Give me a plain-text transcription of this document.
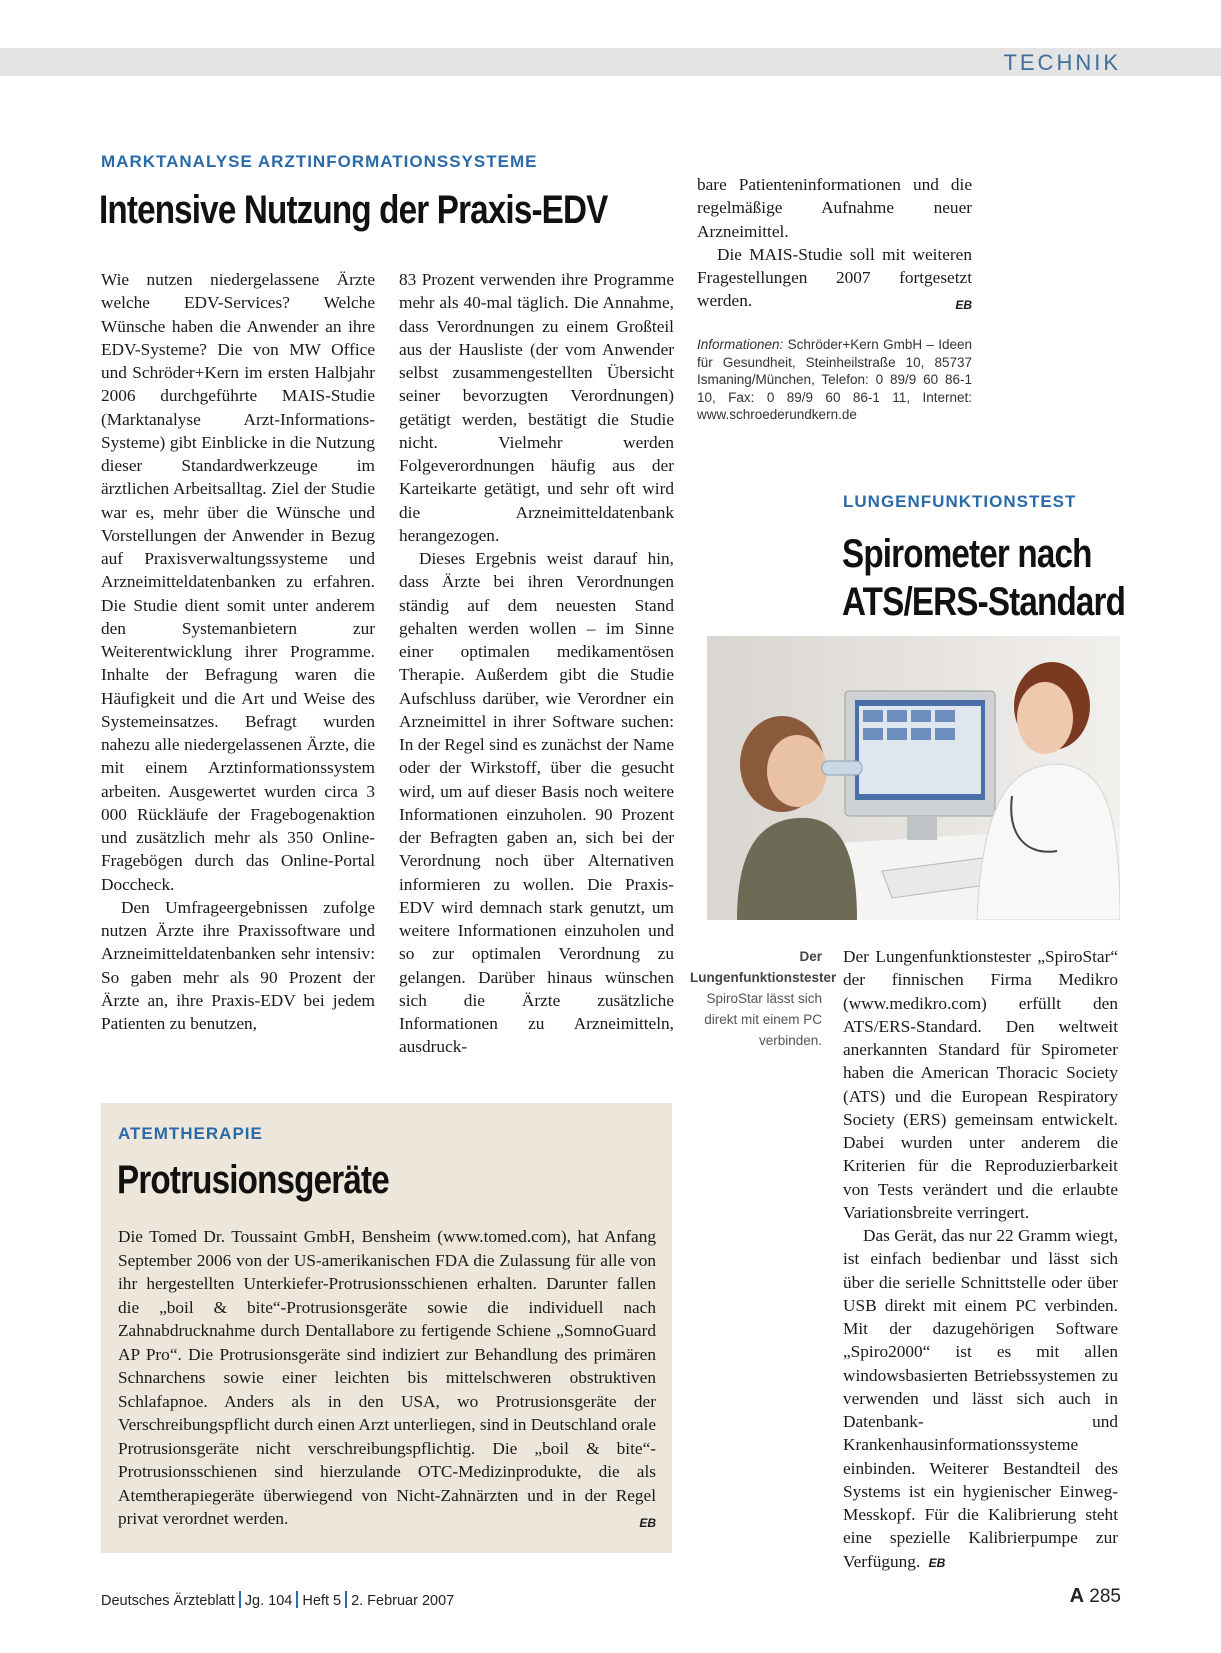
TECHNIK
MARKTANALYSE ARZTINFORMATIONSSYSTEME
Intensive Nutzung der Praxis-EDV

Wie nutzen niedergelassene Ärzte welche EDV-Services? Welche Wünsche haben die Anwender an ihre EDV-Systeme? Die von MW Office und Schröder+Kern im ersten Halbjahr 2006 durchgeführte MAIS-Studie (Marktanalyse Arzt-Informations-Systeme) gibt Einblicke in die Nutzung dieser Standardwerkzeuge im ärztlichen Arbeitsalltag. Ziel der Studie war es, mehr über die Wünsche und Vorstellungen der Anwender in Bezug auf Praxisverwaltungssysteme und Arzneimitteldatenbanken zu erfahren. Die Studie dient somit unter anderem den Systemanbietern zur Weiterentwicklung ihrer Programme. Inhalte der Befragung waren die Häufigkeit und die Art und Weise des Systemeinsatzes. Befragt wurden nahezu alle niedergelassenen Ärzte, die mit einem Arztinformationssystem arbeiten. Ausgewertet wurden circa 3 000 Rückläufe der Fragebogenaktion und zusätzlich mehr als 350 Online-Fragebögen durch das Online-Portal Doccheck.

Den Umfrageergebnissen zufolge nutzen Ärzte ihre Praxissoftware und Arzneimitteldatenbanken sehr intensiv: So gaben mehr als 90 Prozent der Ärzte an, ihre Praxis-EDV bei jedem Patienten zu benutzen,

83 Prozent verwenden ihre Programme mehr als 40-mal täglich. Die Annahme, dass Verordnungen zu einem Großteil aus der Hausliste (der vom Anwender selbst zusammengestellten Übersicht seiner bevorzugten Verordnungen) getätigt werden, bestätigt die Studie nicht. Vielmehr werden Folgeverordnungen häufig aus der Karteikarte getätigt, und sehr oft wird die Arzneimitteldatenbank herangezogen.

Dieses Ergebnis weist darauf hin, dass Ärzte bei ihren Verordnungen ständig auf dem neuesten Stand gehalten werden wollen – im Sinne einer optimalen medikamentösen Therapie. Außerdem gibt die Studie Aufschluss darüber, wie Verordner ein Arzneimittel in ihrer Software suchen: In der Regel sind es zunächst der Name oder der Wirkstoff, über die gesucht wird, um auf dieser Basis noch weitere Informationen einzuholen. 90 Prozent der Befragten gaben an, sich bei der Verordnung noch über Alternativen informieren zu wollen. Die Praxis-EDV wird demnach stark genutzt, um weitere Informationen einzuholen und so zur optimalen Verordnung zu gelangen. Darüber hinaus wünschen sich die Ärzte zusätzliche Informationen zu Arzneimitteln, ausdruck-

bare Patienteninformationen und die regelmäßige Aufnahme neuer Arzneimittel.

Die MAIS-Studie soll mit weiteren Fragestellungen 2007 fortgesetzt werden.	EB

Informationen: Schröder+Kern GmbH – Ideen für Gesundheit, Steinheilstraße 10, 85737 Ismaning/München, Telefon: 0 89/9 60 86-1 10, Fax: 0 89/9 60 86-1 11, Internet: www.schroederundkern.de
LUNGENFUNKTIONSTEST
Spirometer nach
ATS/ERS-Standard
Der Lungenfunktionstester SpiroStar lässt sich direkt mit einem PC verbinden.

Der Lungenfunktionstester „SpiroStar“ der finnischen Firma Medikro (www.medikro.com) erfüllt den ATS/ERS-Standard. Den weltweit anerkannten Standard für Spirometer haben die American Thoracic Society (ATS) und die European Respiratory Society (ERS) gemeinsam entwickelt. Dabei wurden unter anderem die Kriterien für die Reproduzierbarkeit von Tests verändert und die erlaubte Variationsbreite verringert.

Das Gerät, das nur 22 Gramm wiegt, ist einfach bedienbar und lässt sich über die serielle Schnittstelle oder über USB direkt mit einem PC verbinden. Mit der dazugehörigen Software „Spiro2000“ ist es mit allen windowsbasierten Betriebssystemen zu verwenden und lässt sich auch in Datenbank- und Krankenhausinformationssysteme einbinden. Weiterer Bestandteil des Systems ist ein hygienischer Einweg-Messkopf. Für die Kalibrierung steht eine spezielle Kalibrierpumpe zur Verfügung. EB

ATEMTHERAPIE
Protrusionsgeräte

Die Tomed Dr. Toussaint GmbH, Bensheim (www.tomed.com), hat Anfang September 2006 von der US-amerikanischen FDA die Zulassung für alle von ihr hergestellten Unterkiefer-Protrusionsschienen erhalten. Darunter fallen die „boil & bite“-Protrusionsgeräte sowie die individuell nach Zahnabdrucknahme durch Dentallabore zu fertigende Schiene „SomnoGuard AP Pro“. Die Protrusionsgeräte sind indiziert zur Behandlung des primären Schnarchens sowie einer leichten bis mittelschweren obstruktiven Schlafapnoe. Anders als in den USA, wo Protrusionsgeräte der Verschreibungspflicht durch einen Arzt unterliegen, sind in Deutschland orale Protrusionsgeräte nicht verschreibungspflichtig. Die „boil & bite“-Protrusionsschienen sind hierzulande OTC-Medizinprodukte, die als Atemtherapiegeräte überwiegend von Nicht-Zahnärzten und in der Regel privat verordnet werden.	EB

Deutsches Ärzteblatt Jg. 104 Heft 5 2. Februar 2007	A 285
